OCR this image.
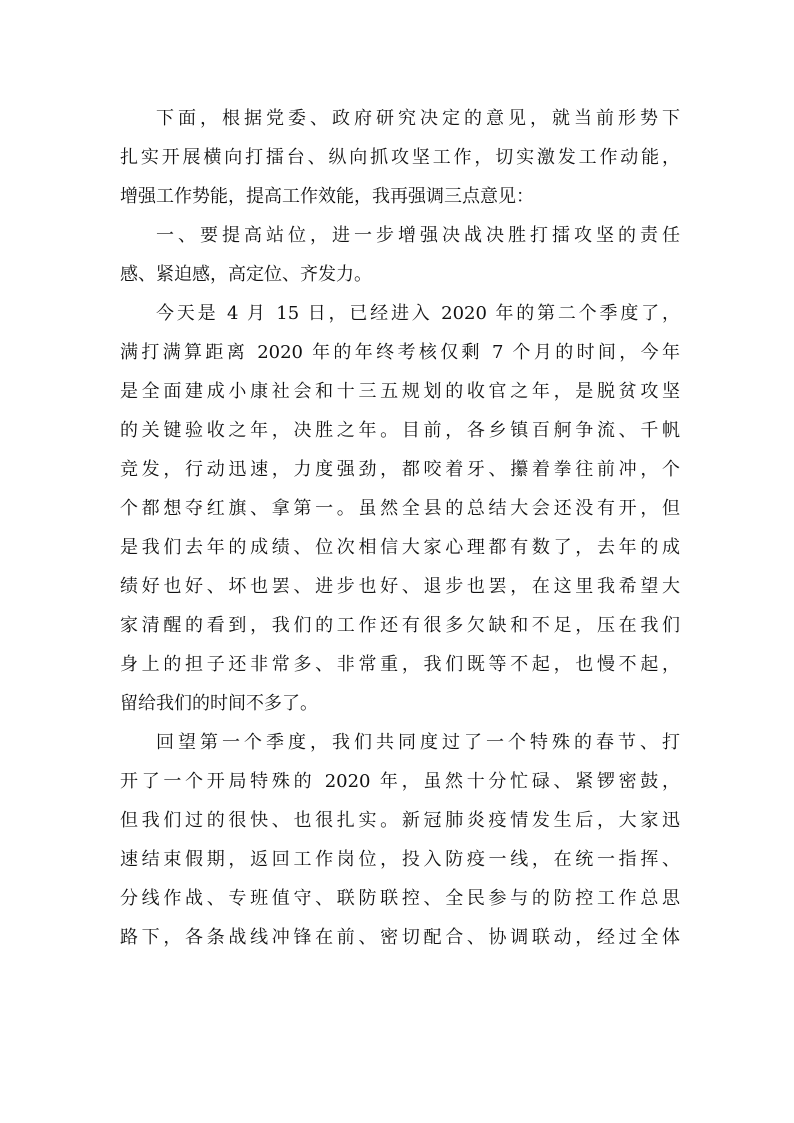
下面，根据党委、政府研究决定的意见，就当前形势下
扎实开展横向打擂台、纵向抓攻坚工作，切实激发工作动能，
增强工作势能，提高工作效能，我再强调三点意见：
一、要提高站位，进一步增强决战决胜打擂攻坚的责任
感、紧迫感，高定位、齐发力。
今天是 4 月 15 日，已经进入 2020 年的第二个季度了，
满打满算距离 2020 年的年终考核仅剩 7 个月的时间，今年
是全面建成小康社会和十三五规划的收官之年，是脱贫攻坚
的关键验收之年，决胜之年。目前，各乡镇百舸争流、千帆
竞发，行动迅速，力度强劲，都咬着牙、攥着拳往前冲，个
个都想夺红旗、拿第一。虽然全县的总结大会还没有开，但
是我们去年的成绩、位次相信大家心理都有数了，去年的成
绩好也好、坏也罢、进步也好、退步也罢，在这里我希望大
家清醒的看到，我们的工作还有很多欠缺和不足，压在我们
身上的担子还非常多、非常重，我们既等不起，也慢不起，
留给我们的时间不多了。
回望第一个季度，我们共同度过了一个特殊的春节、打
开了一个开局特殊的 2020 年，虽然十分忙碌、紧锣密鼓，
但我们过的很快、也很扎实。新冠肺炎疫情发生后，大家迅
速结束假期，返回工作岗位，投入防疫一线，在统一指挥、
分线作战、专班值守、联防联控、全民参与的防控工作总思
路下，各条战线冲锋在前、密切配合、协调联动，经过全体
